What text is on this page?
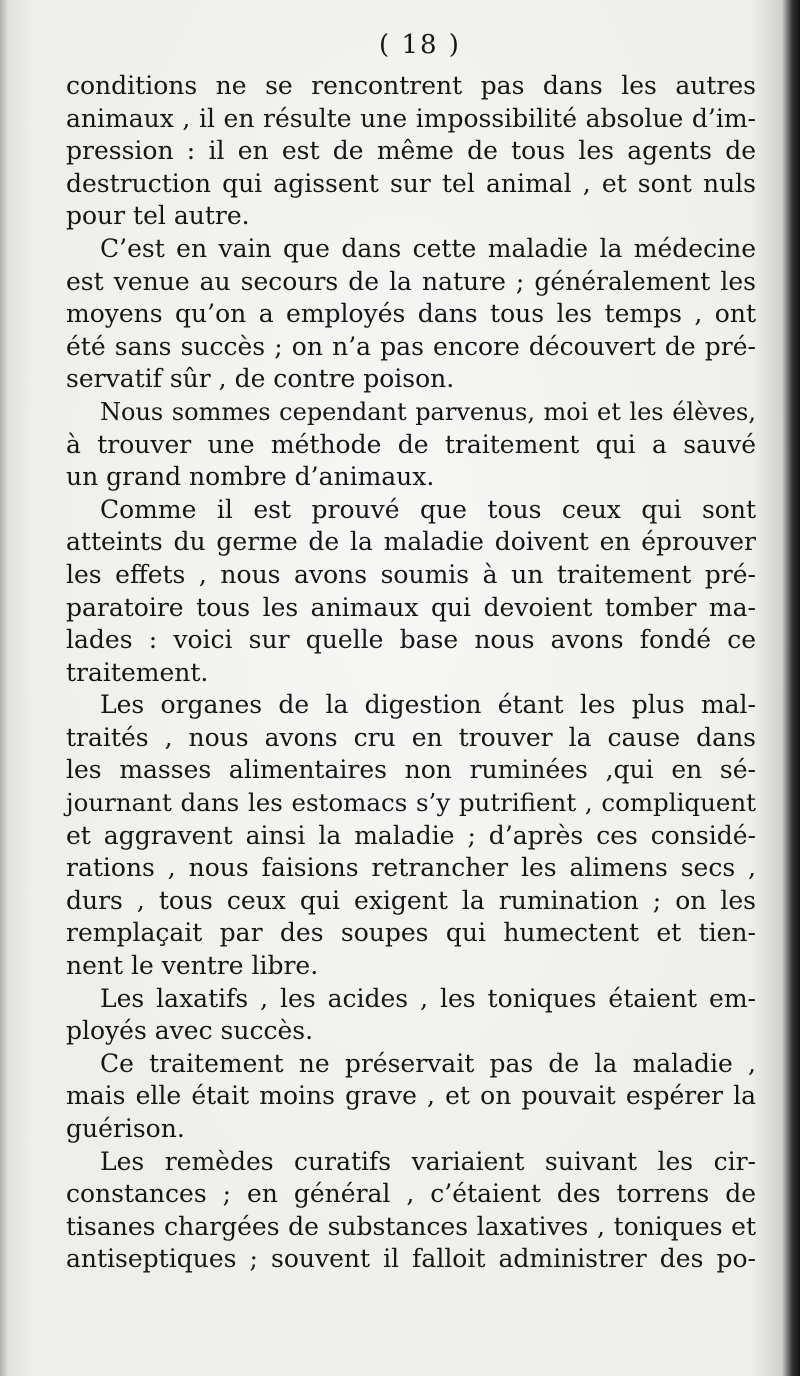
( 18 )
conditions ne se rencontrent pas dans les autres
animaux , il en résulte une impossibilité absolue d’im-
pression : il en est de même de tous les agents de
destruction qui agissent sur tel animal , et sont nuls
pour tel autre.
C’est en vain que dans cette maladie la médecine
est venue au secours de la nature ; généralement les
moyens qu’on a employés dans tous les temps , ont
été sans succès ; on n’a pas encore découvert de pré-
servatif sûr , de contre poison.
Nous sommes cependant parvenus, moi et les élèves,
à trouver une méthode de traitement qui a sauvé
un grand nombre d’animaux.
Comme il est prouvé que tous ceux qui sont
atteints du germe de la maladie doivent en éprouver
les effets , nous avons soumis à un traitement pré-
paratoire tous les animaux qui devoient tomber ma-
lades : voici sur quelle base nous avons fondé ce
traitement.
Les organes de la digestion étant les plus mal-
traités , nous avons cru en trouver la cause dans
les masses alimentaires non ruminées ,qui en sé-
journant dans les estomacs s’y putrifient , compliquent
et aggravent ainsi la maladie ; d’après ces considé-
rations , nous faisions retrancher les alimens secs ,
durs , tous ceux qui exigent la rumination ; on les
remplaçait par des soupes qui humectent et tien-
nent le ventre libre.
Les laxatifs , les acides , les toniques étaient em-
ployés avec succès.
Ce traitement ne préservait pas de la maladie ,
mais elle était moins grave , et on pouvait espérer la
guérison.
Les remèdes curatifs variaient suivant les cir-
constances ; en général , c’étaient des torrens de
tisanes chargées de substances laxatives , toniques et
antiseptiques ; souvent il falloit administrer des po-
